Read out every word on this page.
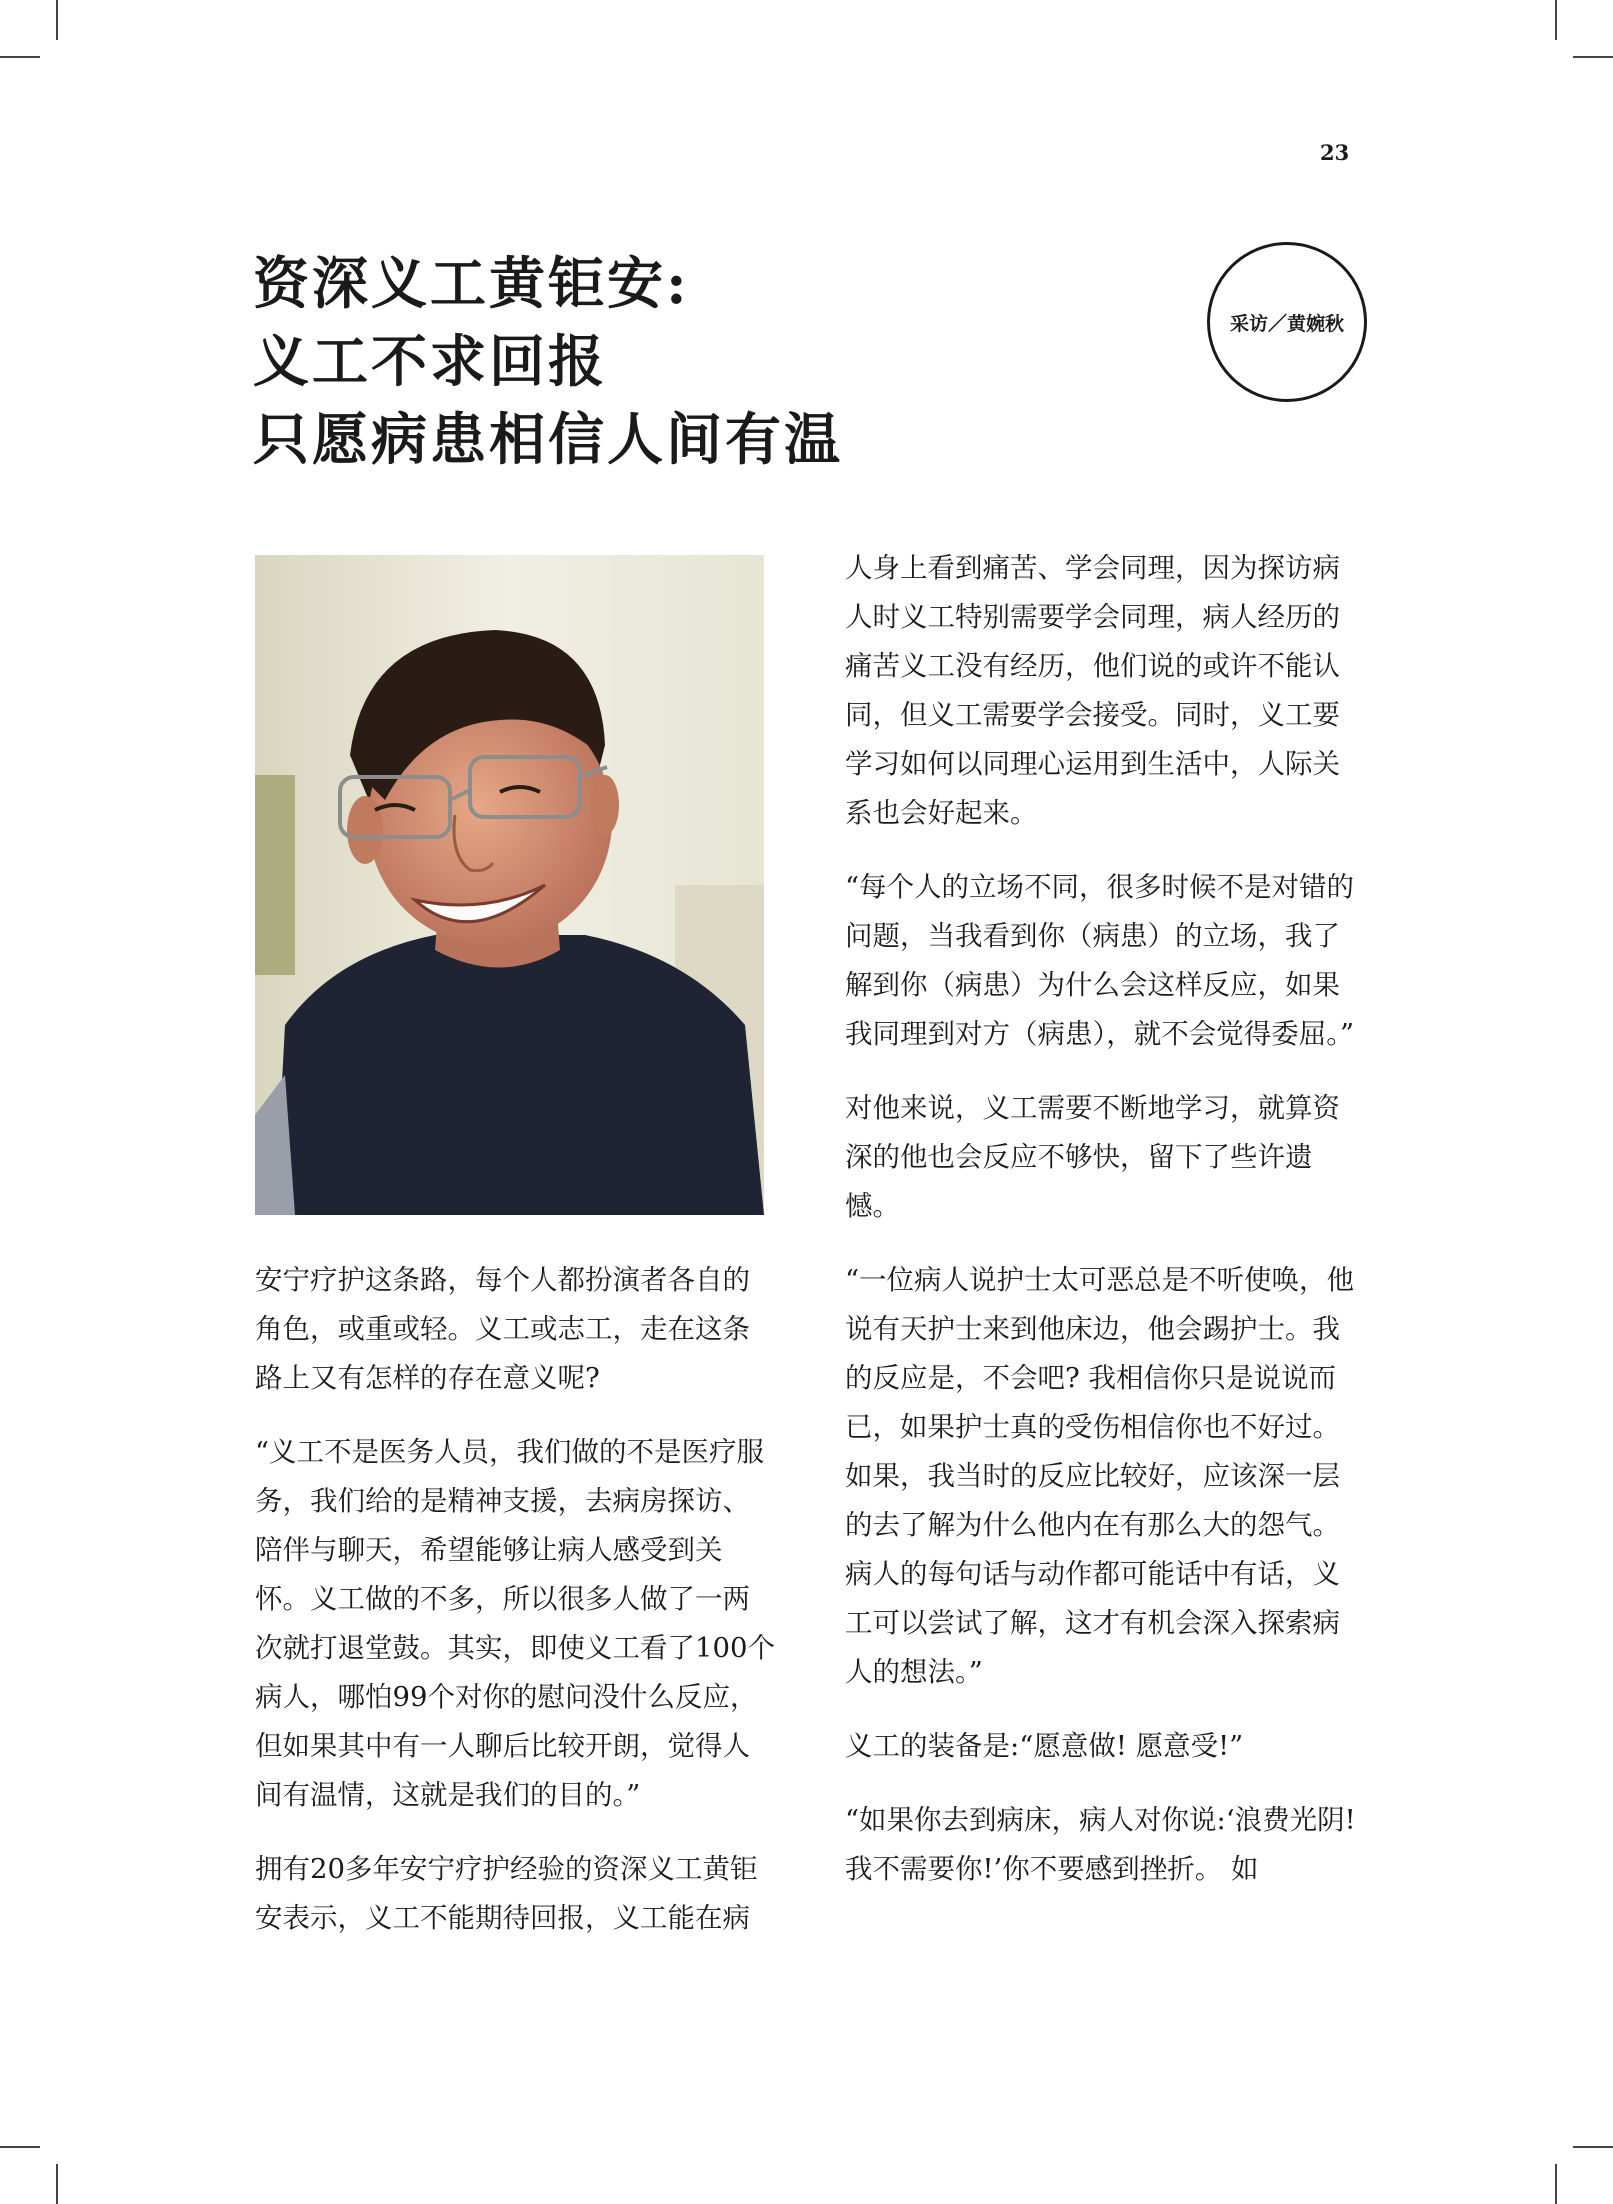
23
资深义工黄钜安:
义工不求回报
只愿病患相信人间有温
采访／黄婉秋

安宁疗护这条路，每个人都扮演者各自的角色，或重或轻。义工或志工，走在这条路上又有怎样的存在意义呢?

“义工不是医务人员，我们做的不是医疗服务，我们给的是精神支援，去病房探访、陪伴与聊天，希望能够让病人感受到关怀。义工做的不多，所以很多人做了一两次就打退堂鼓。其实，即使义工看了100个病人，哪怕99个对你的慰问没什么反应，但如果其中有一人聊后比较开朗，觉得人间有温情，这就是我们的目的。”

拥有20多年安宁疗护经验的资深义工黄钜安表示，义工不能期待回报，义工能在病

人身上看到痛苦、学会同理，因为探访病人时义工特别需要学会同理，病人经历的痛苦义工没有经历，他们说的或许不能认同，但义工需要学会接受。同时，义工要学习如何以同理心运用到生活中，人际关系也会好起来。

“每个人的立场不同，很多时候不是对错的问题，当我看到你（病患）的立场，我了解到你（病患）为什么会这样反应，如果我同理到对方（病患），就不会觉得委屈。”

对他来说，义工需要不断地学习，就算资深的他也会反应不够快，留下了些许遗憾。

“一位病人说护士太可恶总是不听使唤，他说有天护士来到他床边，他会踢护士。我的反应是，不会吧? 我相信你只是说说而已，如果护士真的受伤相信你也不好过。如果，我当时的反应比较好，应该深一层的去了解为什么他内在有那么大的怨气。病人的每句话与动作都可能话中有话，义工可以尝试了解，这才有机会深入探索病人的想法。”

义工的装备是:“愿意做! 愿意受!”

“如果你去到病床，病人对你说:‘浪费光阴! 我不需要你!’你不要感到挫折。 如
